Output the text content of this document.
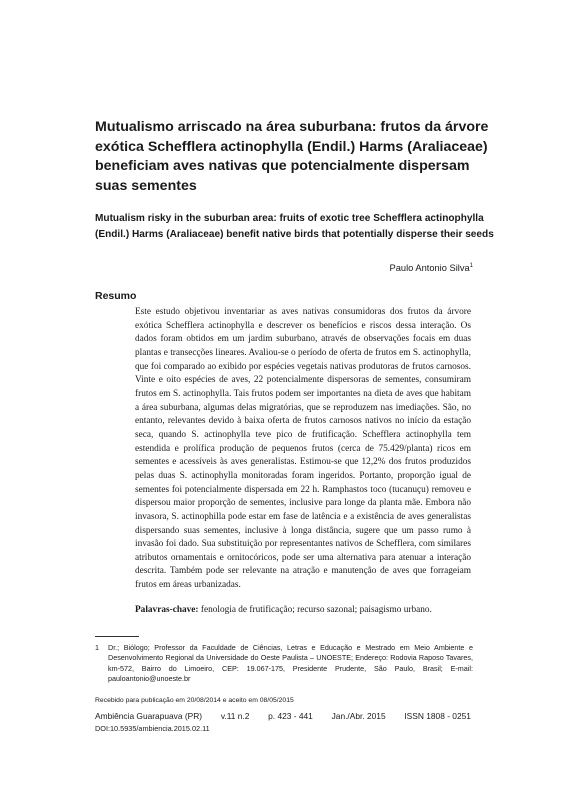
Mutualismo arriscado na área suburbana: frutos da árvore exótica Schefflera actinophylla (Endil.) Harms (Araliaceae) beneficiam aves nativas que potencialmente dispersam suas sementes
Mutualism risky in the suburban area: fruits of exotic tree Schefflera actinophylla (Endil.) Harms (Araliaceae) benefit native birds that potentially disperse their seeds
Paulo Antonio Silva$^1$
Resumo

Este estudo objetivou inventariar as aves nativas consumidoras dos frutos da árvore exótica Schefflera actinophylla e descrever os benefícios e riscos dessa interação. Os dados foram obtidos em um jardim suburbano, através de observações focais em duas plantas e transecções lineares. Avaliou-se o período de oferta de frutos em S. actinophylla, que foi comparado ao exibido por espécies vegetais nativas produtoras de frutos carnosos. Vinte e oito espécies de aves, 22 potencialmente dispersoras de sementes, consumiram frutos em S. actinophylla. Tais frutos podem ser importantes na dieta de aves que habitam a área suburbana, algumas delas migratórias, que se reproduzem nas imediações. São, no entanto, relevantes devido à baixa oferta de frutos carnosos nativos no início da estação seca, quando S. actinophylla teve pico de frutificação. Schefflera actinophylla tem estendida e prolífica produção de pequenos frutos (cerca de 75.429/planta) ricos em sementes e acessíveis às aves generalistas. Estimou-se que 12,2% dos frutos produzidos pelas duas S. actinophylla monitoradas foram ingeridos. Portanto, proporção igual de sementes foi potencialmente dispersada em 22 h. Ramphastos toco (tucanuçu) removeu e dispersou maior proporção de sementes, inclusive para longe da planta mãe. Embora não invasora, S. actinophilla pode estar em fase de latência e a existência de aves generalistas dispersando suas sementes, inclusive à longa distância, sugere que um passo rumo à invasão foi dado. Sua substituição por representantes nativos de Schefflera, com similares atributos ornamentais e ornitocóricos, pode ser uma alternativa para atenuar a interação descrita. Também pode ser relevante na atração e manutenção de aves que forrageiam frutos em áreas urbanizadas.

Palavras-chave: fenologia de frutificação; recurso sazonal; paisagismo urbano.

1 Dr.; Biólogo; Professor da Faculdade de Ciências, Letras e Educação e Mestrado em Meio Ambiente e Desenvolvimento Regional da Universidade do Oeste Paulista – UNOESTE; Endereço: Rodovia Raposo Tavares, km-572, Bairro do Limoeiro, CEP: 19.067-175, Presidente Prudente, São Paulo, Brasil; E-mail: pauloantonio@unoeste.br
Recebido para publicação em 20/08/2014 e aceito em 08/05/2015
Ambiência Guarapuava (PR) v.11 n.2 p. 423 - 441 Jan./Abr. 2015 ISSN 1808 - 0251
DOI:10.5935/ambiencia.2015.02.11
